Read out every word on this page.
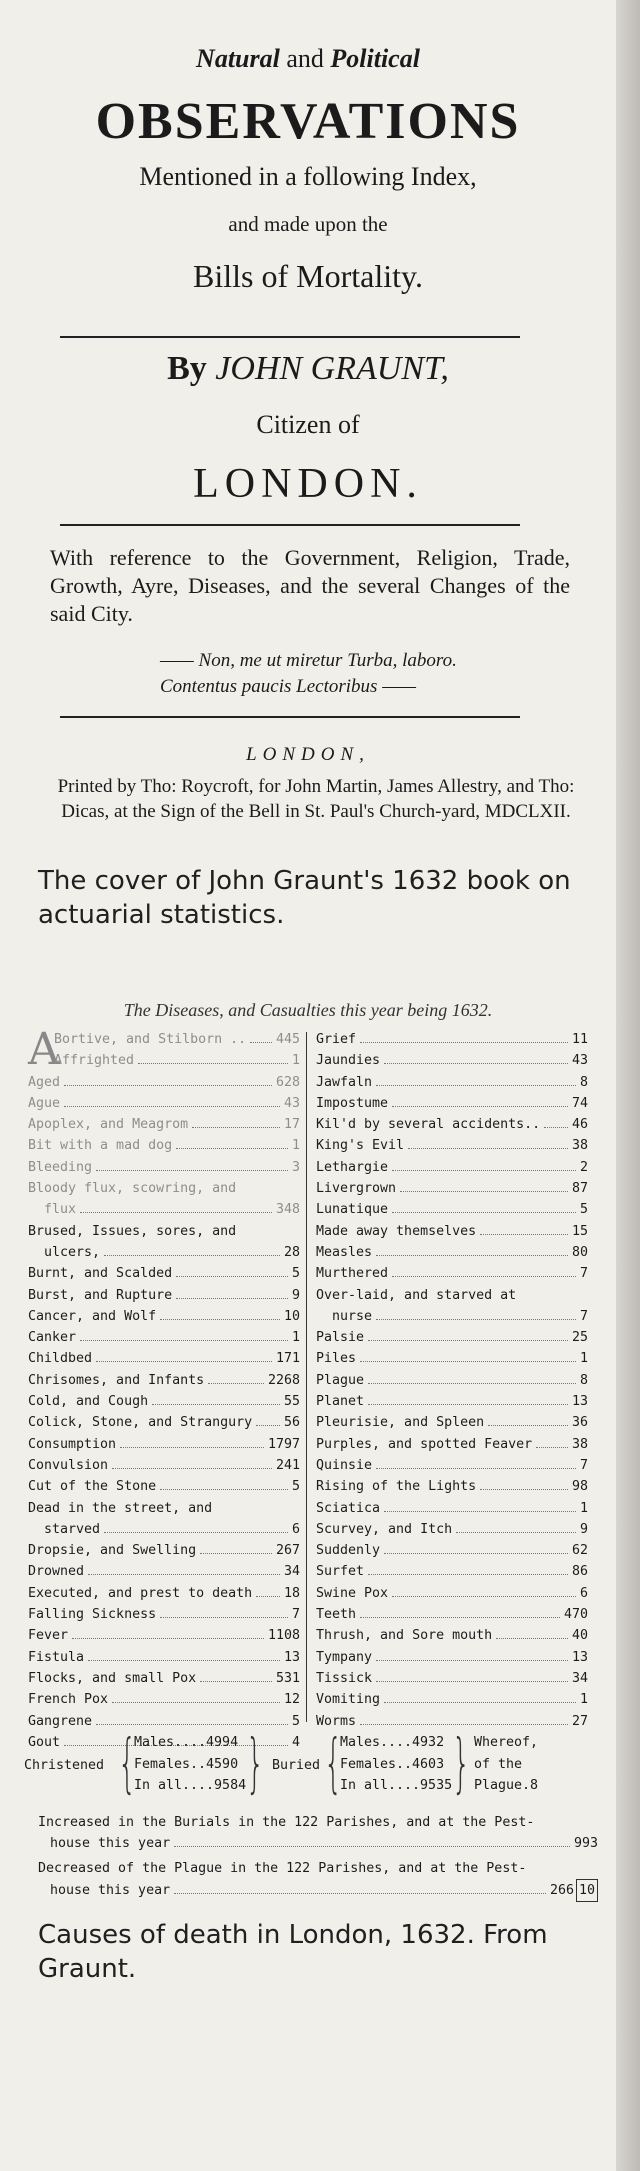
Natural and Political
OBSERVATIONS
Mentioned in a following Index,
and made upon the
Bills of Mortality.
By JOHN GRAUNT,
Citizen of
LONDON.
With reference to the Government, Religion, Trade, Growth, Ayre, Diseases, and the several Changes of the said City.
—— Non, me ut miretur Turba, laboro.
Contentus paucis Lectoribus ——
LONDON,
Printed by Tho: Roycroft, for John Martin, James Allestry, and Tho: Dicas, at the Sign of the Bell in St. Paul's Church-yard, MDCLXII.
The cover of John Graunt's 1632 book on actuarial statistics.
The Diseases, and Casualties this year being 1632.
A
Bortive, and Stilborn .. 445
Affrighted	1
Aged	628
Ague	43
Apoplex, and Meagrom	17
Bit with a mad dog	1
Bleeding	3
Bloody flux, scowring, and
flux	348
Brused, Issues, sores, and
ulcers,	28
Burnt, and Scalded	5
Burst, and Rupture	9
Cancer, and Wolf	10
Canker	1
Childbed	171
Chrisomes, and Infants	2268
Cold, and Cough	55
Colick, Stone, and Strangury 56
Consumption	1797
Convulsion	241
Cut of the Stone	5
Dead in the street, and
starved	6
Dropsie, and Swelling	267
Drowned	34
Executed, and prest to death 18
Falling Sickness	7
Fever	1108
Fistula	13
Flocks, and small Pox	531
French Pox	12
Gangrene	5
Gout	4
Grief	11
Jaundies	43
Jawfaln	8
Impostume	74
Kil'd by several accidents.. 46
King's Evil	38
Lethargie	2
Livergrown	87
Lunatique	5
Made away themselves	15
Measles	80
Murthered	7
Over-laid, and starved at
nurse	7
Palsie	25
Piles	1
Plague	8
Planet	13
Pleurisie, and Spleen	36
Purples, and spotted Feaver	38
Quinsie	7
Rising of the Lights	98
Sciatica	1
Scurvey, and Itch	9
Suddenly	62
Surfet	86
Swine Pox	6
Teeth	470
Thrush, and Sore mouth	40
Tympany	13
Tissick	34
Vomiting	1
Worms	27
Christened {
Males....4994
Females..4590
In all....9584 } Buried {
Males....4932
Females..4603
In all....9535 } Whereof,
of the
Plague.8
Increased in the Burials in the 122 Parishes, and at the Pest-
house this year	993
Decreased of the Plague in the 122 Parishes, and at the Pest-
house this year	266 10
Causes of death in London, 1632. From Graunt.
